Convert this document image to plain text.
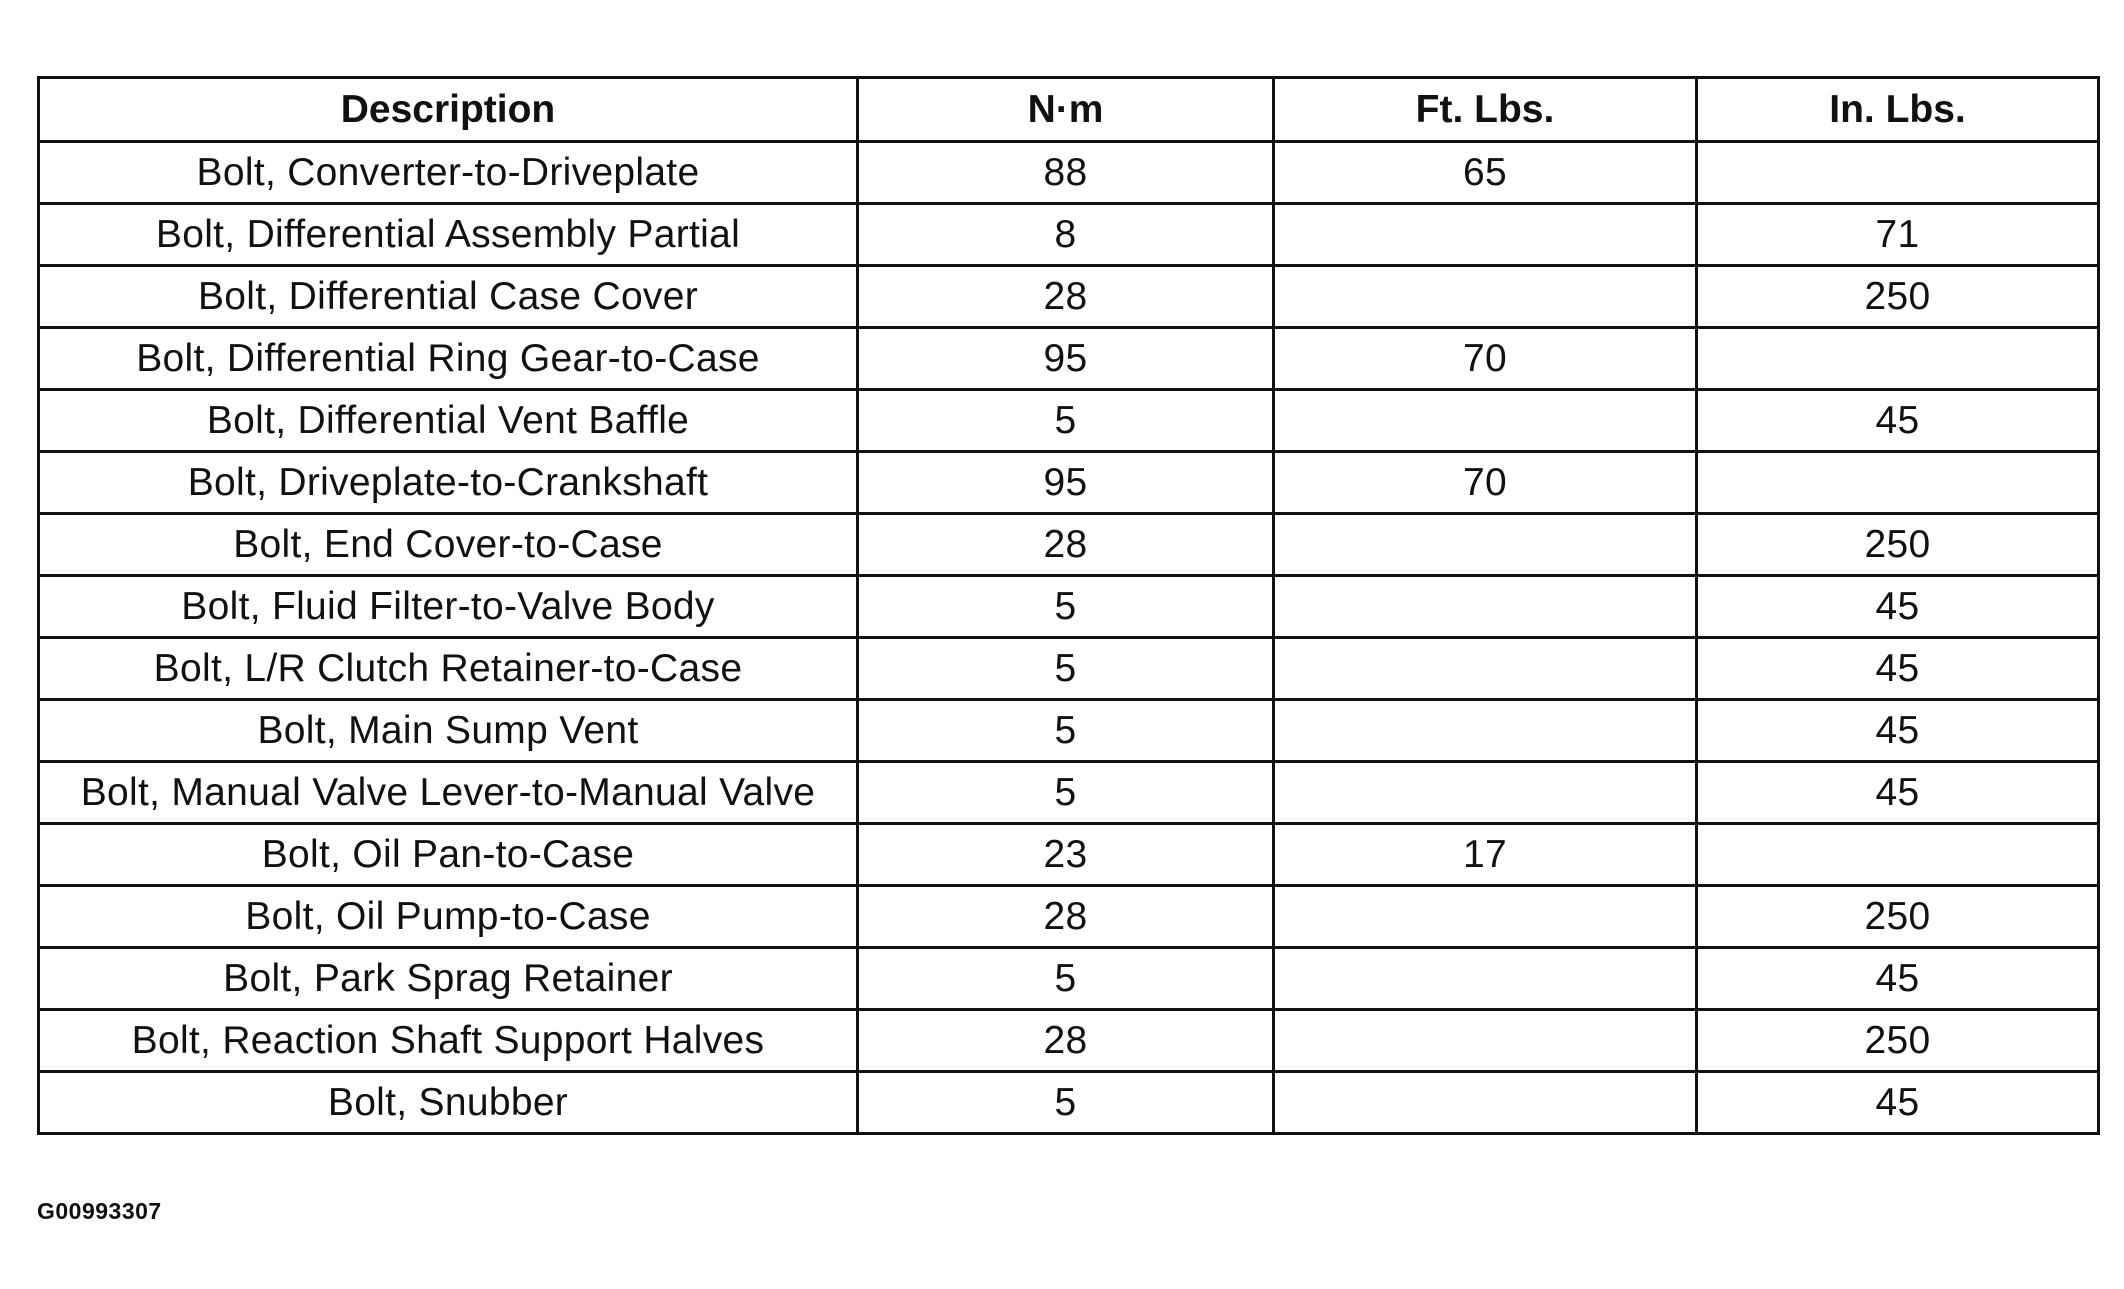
Description	N·m	Ft. Lbs.	In. Lbs.
Bolt, Converter-to-Driveplate	88	65	
Bolt, Differential Assembly Partial	8		71
Bolt, Differential Case Cover	28		250
Bolt, Differential Ring Gear-to-Case	95	70	
Bolt, Differential Vent Baffle	5		45
Bolt, Driveplate-to-Crankshaft	95	70	
Bolt, End Cover-to-Case	28		250
Bolt, Fluid Filter-to-Valve Body	5		45
Bolt, L/R Clutch Retainer-to-Case	5		45
Bolt, Main Sump Vent	5		45
Bolt, Manual Valve Lever-to-Manual Valve	5		45
Bolt, Oil Pan-to-Case	23	17	
Bolt, Oil Pump-to-Case	28		250
Bolt, Park Sprag Retainer	5		45
Bolt, Reaction Shaft Support Halves	28		250
Bolt, Snubber	5		45
G00993307
